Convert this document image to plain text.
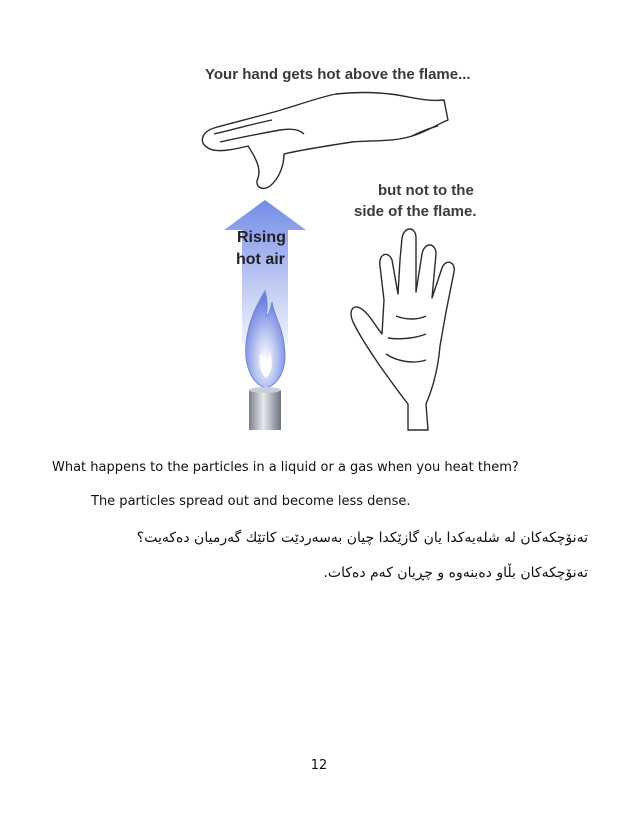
Your hand gets hot above the flame...
but not to the
side of the flame.
Rising
hot air
What happens to the particles in a liquid or a gas when you heat them?
The particles spread out and become less dense.
تەنۆچکەکان لە شلەیەکدا یان گازێکدا چیان بەسەردێت کاتێك گەرمیان دەکەیت؟
تەنۆچکەکان بڵاو دەبنەوە و چڕیان کەم دەکات.
12
